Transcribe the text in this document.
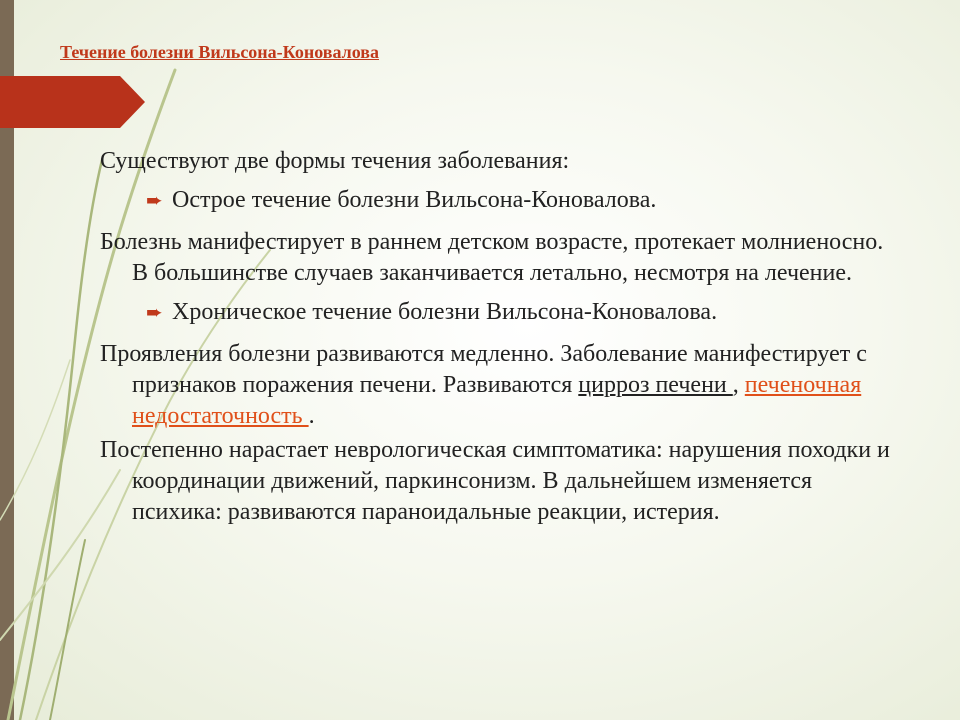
Течение болезни Вильсона-Коновалова

Существуют две формы течения заболевания:

➨ Острое течение болезни Вильсона-Коновалова.

Болезнь манифестирует в раннем детском возрасте, протекает молниеносно. В большинстве случаев заканчивается летально, несмотря на лечение.

➨ Хроническое течение болезни Вильсона-Коновалова.

Проявления болезни развиваются медленно. Заболевание манифестирует с признаков поражения печени. Развиваются цирроз печени , печеночная недостаточность .

Постепенно нарастает неврологическая симптоматика: нарушения походки и координации движений, паркинсонизм. В дальнейшем изменяется психика: развиваются параноидальные реакции, истерия.
